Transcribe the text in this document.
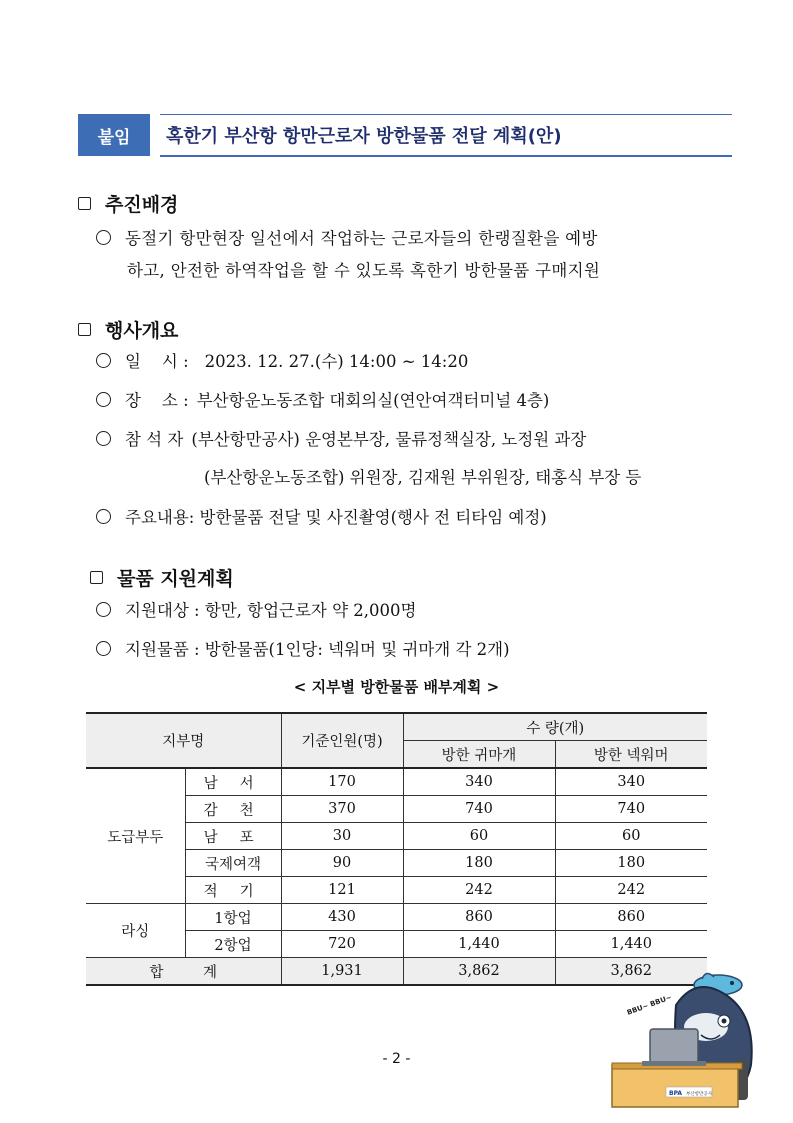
붙임	혹한기 부산항 항만근로자 방한물품 전달 계획(안)
추진배경
동절기 항만현장 일선에서 작업하는 근로자들의 한랭질환을 예방
하고, 안전한 하역작업을 할 수 있도록 혹한기 방한물품 구매지원
행사개요
일    시 : 2023. 12. 27.(수) 14:00 ~ 14:20
장    소 : 부산항운노동조합 대회의실(연안여객터미널 4층)
참 석 자 (부산항만공사) 운영본부장, 물류정책실장, 노정원 과장
(부산항운노동조합) 위원장, 김재원 부위원장, 태홍식 부장 등
주요내용: 방한물품 전달 및 사진촬영(행사 전 티타임 예정)
물품 지원계획
지원대상 : 항만, 항업근로자 약 2,000명
지원물품 : 방한물품(1인당: 넥워머 및 귀마개 각 2개)
< 지부별 방한물품 배부계획 >
지부명		기준인원(명)	수 량(개)	
			방한 귀마개	방한 넥워머
도급부두	남 서	170	340	340
	감 천	370	740	740
	남 포	30	60	60
	국제여객	90	180	180
	적 기	121	242	242
라싱	1항업	430	860	860
	2항업	720	1,440	1,440
합 계		1,931	3,862	3,862
- 2 -
BPA 부산항만공사
BBU~ BBU~
